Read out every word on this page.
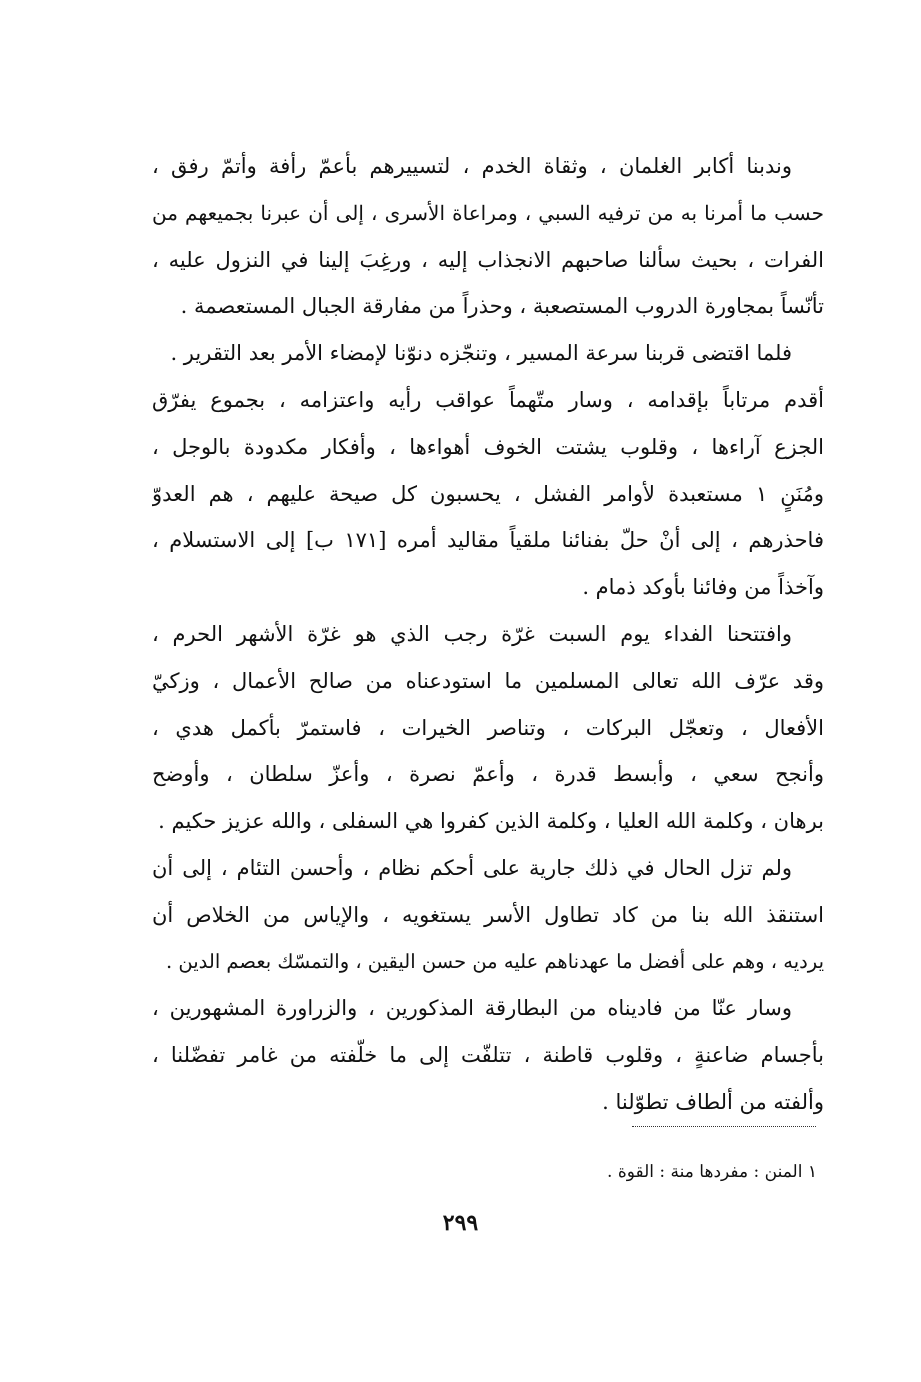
وندبنا أكابر الغلمان ، وثقاة الخدم ، لتسييرهم بأعمّ رأفة وأتمّ رفق ،
حسب ما أمرنا به من ترفيه السبي ، ومراعاة الأسرى ، إلى أن عبرنا بجميعهم من
الفرات ، بحيث سألنا صاحبهم الانجذاب إليه ، ورغِبَ إلينا في النزول عليه ،
تأنّساً بمجاورة الدروب المستصعبة ، وحذراً من مفارقة الجبال المستعصمة .
فلما اقتضى قربنا سرعة المسير ، وتنجّزه دنوّنا لإمضاء الأمر بعد التقرير .
أقدم مرتاباً بإقدامه ، وسار متّهماً عواقب رأيه واعتزامه ، بجموع يفرّق
الجزع آراءها ، وقلوب يشتت الخوف أهواءها ، وأفكار مكدودة بالوجل ،
ومُنَنٍ ١ مستعبدة لأوامر الفشل ، يحسبون كل صيحة عليهم ، هم العدوّ
فاحذرهم ، إلى أنْ حلّ بفنائنا ملقياً مقاليد أمره [١٧١ ب] إلى الاستسلام ،
وآخذاً من وفائنا بأوكد ذمام .
وافتتحنا الفداء يوم السبت غرّة رجب الذي هو غرّة الأشهر الحرم ،
وقد عرّف الله تعالى المسلمين ما استودعناه من صالح الأعمال ، وزكيّ
الأفعال ، وتعجّل البركات ، وتناصر الخيرات ، فاستمرّ بأكمل هدي ،
وأنجح سعي ، وأبسط قدرة ، وأعمّ نصرة ، وأعزّ سلطان ، وأوضح
برهان ، وكلمة الله العليا ، وكلمة الذين كفروا هي السفلى ، والله عزيز حكيم .
ولم تزل الحال في ذلك جارية على أحكم نظام ، وأحسن التئام ، إلى أن
استنقذ الله بنا من كاد تطاول الأسر يستغويه ، والإياس من الخلاص أن
يرديه ، وهم على أفضل ما عهدناهم عليه من حسن اليقين ، والتمسّك بعصم الدين .
وسار عنّا من فاديناه من البطارقة المذكورين ، والزراورة المشهورين ،
بأجسام ضاعنةٍ ، وقلوب قاطنة ، تتلفّت إلى ما خلّفته من غامر تفضّلنا ،
وألفته من ألطاف تطوّلنا .
١ المنن : مفردها منة : القوة .
٢٩٩
